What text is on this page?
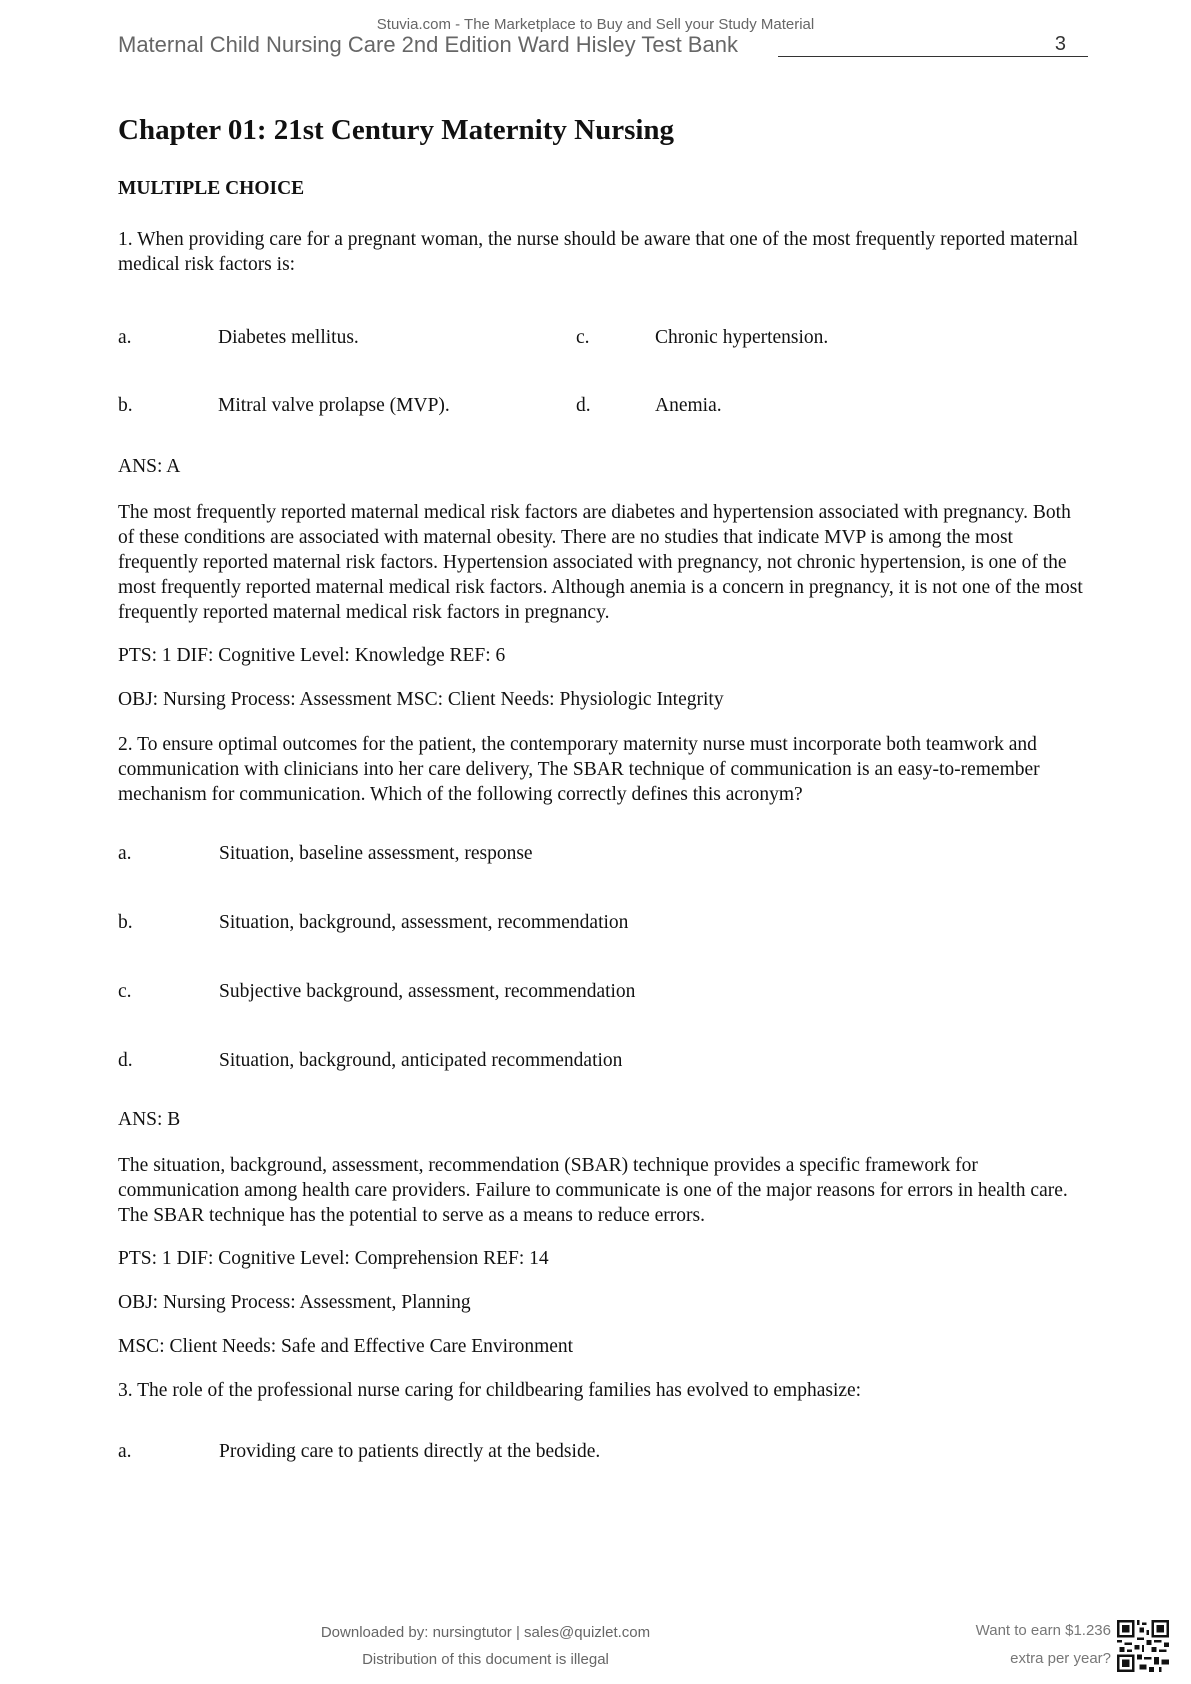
Stuvia.com - The Marketplace to Buy and Sell your Study Material
Maternal Child Nursing Care 2nd Edition Ward Hisley Test Bank	3
Chapter 01: 21st Century Maternity Nursing
MULTIPLE CHOICE

1. When providing care for a pregnant woman, the nurse should be aware that one of the most frequently reported maternal medical risk factors is:

a.	Diabetes mellitus.	c.	Chronic hypertension.
b.	Mitral valve prolapse (MVP).	d.	Anemia.

ANS: A

The most frequently reported maternal medical risk factors are diabetes and hypertension associated with pregnancy. Both of these conditions are associated with maternal obesity. There are no studies that indicate MVP is among the most frequently reported maternal risk factors. Hypertension associated with pregnancy, not chronic hypertension, is one of the most frequently reported maternal medical risk factors. Although anemia is a concern in pregnancy, it is not one of the most frequently reported maternal medical risk factors in pregnancy.

PTS: 1 DIF: Cognitive Level: Knowledge REF: 6

OBJ: Nursing Process: Assessment MSC: Client Needs: Physiologic Integrity

2. To ensure optimal outcomes for the patient, the contemporary maternity nurse must incorporate both teamwork and communication with clinicians into her care delivery, The SBAR technique of communication is an easy-to-remember mechanism for communication. Which of the following correctly defines this acronym?

a.	Situation, baseline assessment, response
b.	Situation, background, assessment, recommendation
c.	Subjective background, assessment, recommendation
d.	Situation, background, anticipated recommendation

ANS: B

The situation, background, assessment, recommendation (SBAR) technique provides a specific framework for communication among health care providers. Failure to communicate is one of the major reasons for errors in health care. The SBAR technique has the potential to serve as a means to reduce errors.

PTS: 1 DIF: Cognitive Level: Comprehension REF: 14

OBJ: Nursing Process: Assessment, Planning

MSC: Client Needs: Safe and Effective Care Environment

3. The role of the professional nurse caring for childbearing families has evolved to emphasize:

a.	Providing care to patients directly at the bedside.
Downloaded by: nursingtutor | sales@quizlet.com
Distribution of this document is illegal
Want to earn $1.236
extra per year?
